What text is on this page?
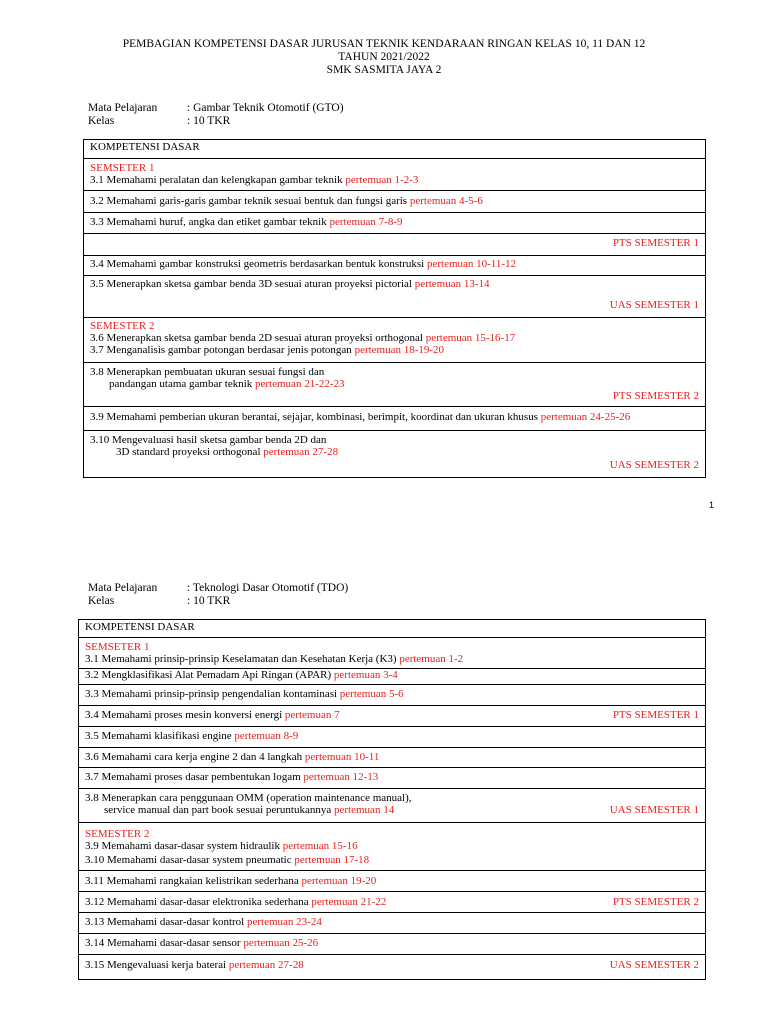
PEMBAGIAN KOMPETENSI DASAR JURUSAN TEKNIK KENDARAAN RINGAN KELAS 10, 11 DAN 12
TAHUN 2021/2022
SMK SASMITA JAYA 2
Mata Pelajaran	: Gambar Teknik Otomotif (GTO)
Kelas	: 10 TKR
KOMPETENSI DASAR
SEMSETER 1
3.1 Memahami peralatan dan kelengkapan gambar teknik pertemuan 1-2-3
3.2 Memahami garis-garis gambar teknik sesuai bentuk dan fungsi garis pertemuan 4-5-6
3.3 Memahami huruf, angka dan etiket gambar teknik pertemuan 7-8-9
PTS SEMESTER 1
3.4 Memahami gambar konstruksi geometris berdasarkan bentuk konstruksi pertemuan 10-11-12
3.5 Menerapkan sketsa gambar benda 3D sesuai aturan proyeksi pictorial pertemuan 13-14
UAS SEMESTER 1
SEMESTER 2
3.6 Menerapkan sketsa gambar benda 2D sesuai aturan proyeksi orthogonal pertemuan 15-16-17
3.7 Menganalisis gambar potongan berdasar jenis potongan pertemuan 18-19-20
3.8 Menerapkan pembuatan ukuran sesuai fungsi dan
pandangan utama gambar teknik pertemuan 21-22-23
PTS SEMESTER 2
3.9 Memahami pemberian ukuran berantai, sejajar, kombinasi, berimpit, koordinat dan ukuran khusus pertemuan 24-25-26
3.10 Mengevaluasi hasil sketsa gambar benda 2D dan
3D standard proyeksi orthogonal pertemuan 27-28
UAS SEMESTER 2
1
Mata Pelajaran	: Teknologi Dasar Otomotif (TDO)
Kelas	: 10 TKR
KOMPETENSI DASAR
SEMSETER 1
3.1 Memahami prinsip-prinsip Keselamatan dan Kesehatan Kerja (K3) pertemuan 1-2
3.2 Mengklasifikasi Alat Pemadam Api Ringan (APAR) pertemuan 3-4
3.3 Memahami prinsip-prinsip pengendalian kontaminasi pertemuan 5-6
3.4 Memahami proses mesin konversi energi pertemuan 7	PTS SEMESTER 1
3.5 Memahami klasifikasi engine pertemuan 8-9
3.6 Memahami cara kerja engine 2 dan 4 langkah pertemuan 10-11
3.7 Memahami proses dasar pembentukan logam pertemuan 12-13
3.8 Menerapkan cara penggunaan OMM (operation maintenance manual),
service manual dan part book sesuai peruntukannya pertemuan 14	UAS SEMESTER 1
SEMESTER 2
3.9 Memahami dasar-dasar system hidraulik pertemuan 15-16
3.10 Memahami dasar-dasar system pneumatic pertemuan 17-18
3.11 Memahami rangkaian kelistrikan sederhana pertemuan 19-20
3.12 Memahami dasar-dasar elektronika sederhana pertemuan 21-22	PTS SEMESTER 2
3.13 Memahami dasar-dasar kontrol pertemuan 23-24
3.14 Memahami dasar-dasar sensor pertemuan 25-26
3.15 Mengevaluasi kerja baterai pertemuan 27-28	UAS SEMESTER 2
